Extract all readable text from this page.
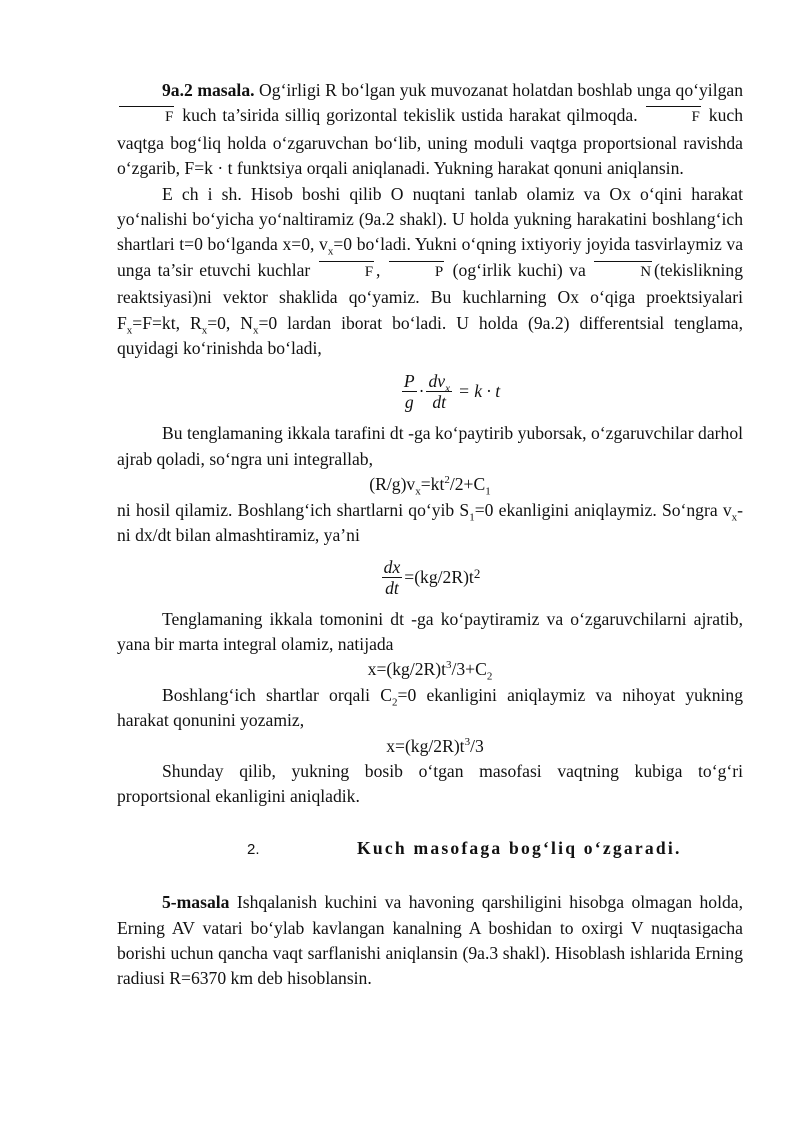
9a.2 masala. Og‘irligi R bo‘lgan yuk muvozanat holatdan boshlab unga qo‘yilgan F kuch ta’sirida silliq gorizontal tekislik ustida harakat qilmoqda.	F kuch vaqtga bog‘liq holda o‘zgaruvchan bo‘lib, uning moduli vaqtga proportsional ravishda o‘zgarib, F=k · t funktsiya orqali aniqlanadi. Yukning harakat qonuni aniqlansin.

E ch i sh. Hisob boshi qilib O nuqtani tanlab olamiz va Ox o‘qini harakat yo‘nalishi bo‘yicha yo‘naltiramiz (9a.2 shakl). U holda yukning harakatini boshlang‘ich shartlari t=0 bo‘lganda x=0, $v_x=0$ bo‘ladi. Yukni o‘qning ixtiyoriy joyida tasvirlaymiz va unga ta’sir etuvchi kuchlar	F ,	P (og‘irlik kuchi) va	N (tekislikning reaktsiyasi)ni vektor shaklida qo‘yamiz. Bu kuchlarning Ox o‘qiga proektsiyalari $F_x=F=kt$, $R_x=0$, $N_x=0$ lardan iborat bo‘ladi. U holda (9a.2) differentsial tenglama, quyidagi ko‘rinishda bo‘ladi,

$\frac{P}{g} \cdot \frac{dv_x}{dt} = k \cdot t$

Bu tenglamaning ikkala tarafini dt -ga ko‘paytirib yuborsak, o‘zgaruvchilar darhol ajrab qoladi, so‘ngra uni integrallab,

$(R/g)v_x=kt^2/2+C_1$

ni hosil qilamiz. Boshlang‘ich shartlarni qo‘yib $S_1=0$ ekanligini aniqlaymiz. So‘ngra $v_x-ni$ dx/dt bilan almashtiramiz, ya’ni

$\frac{dx}{dt} =(kg/2R)t^2$

Tenglamaning ikkala tomonini dt -ga ko‘paytiramiz va o‘zgaruvchilarni ajratib, yana bir marta integral olamiz, natijada

$x=(kg/2R)t^3/3+C_2$

Boshlang‘ich shartlar orqali $C_2=0$ ekanligini aniqlaymiz va nihoyat yukning harakat qonunini yozamiz,

$x=(kg/2R)t^3/3$

Shunday qilib, yukning bosib o‘tgan masofasi vaqtning kubiga to‘g‘ri proportsional ekanligini aniqladik.

2.	Kuch masofaga bog‘liq o‘zgaradi.

5-masala Ishqalanish kuchini va havoning qarshiligini hisobga olmagan holda, Erning AV vatari bo‘ylab kavlangan kanalning A boshidan to oxirgi V nuqtasigacha borishi uchun qancha vaqt sarflanishi aniqlansin (9a.3 shakl). Hisoblash ishlarida Erning radiusi R=6370 km deb hisoblansin.
